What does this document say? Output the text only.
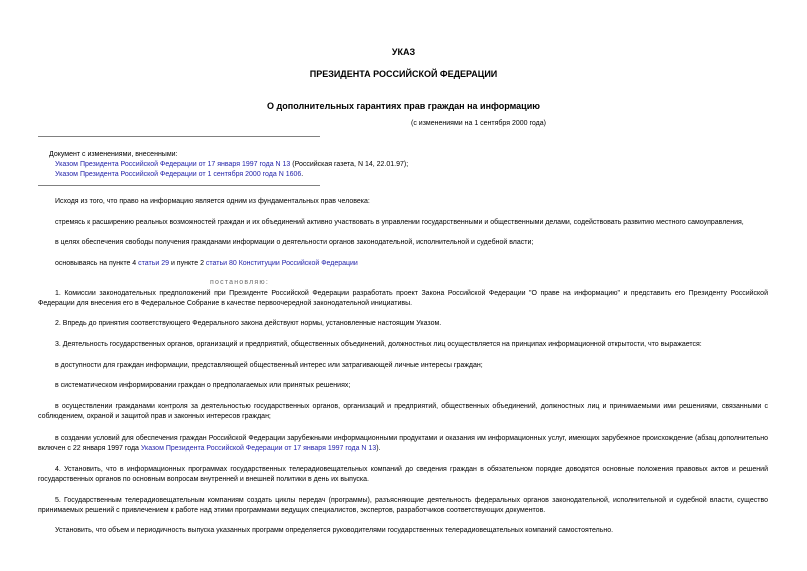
УКАЗ
ПРЕЗИДЕНТА РОССИЙСКОЙ ФЕДЕРАЦИИ
О дополнительных гарантиях прав граждан на информацию
(с изменениями на 1 сентября 2000 года)
Документ с изменениями, внесенными:
Указом Президента Российской Федерации от 17 января 1997 года N 13 (Российская газета, N 14, 22.01.97);
Указом Президента Российской Федерации от 1 сентября 2000 года N 1606.
Исходя из того, что право на информацию является одним из фундаментальных прав человека:
стремясь к расширению реальных возможностей граждан и их объединений активно участвовать в управлении государственными и общественными делами, содействовать развитию местного самоуправления,
в целях обеспечения свободы получения гражданами информации о деятельности органов законодательной, исполнительной и судебной власти;
основываясь на пункте 4 статьи 29 и пункте 2 статьи 80 Конституции Российской Федерации
постановляю:
1. Комиссии законодательных предположений при Президенте Российской Федерации разработать проект Закона Российской Федерации "О праве на информацию" и представить его Президенту Российской Федерации для внесения его в Федеральное Собрание в качестве первоочередной законодательной инициативы.
2. Впредь до принятия соответствующего Федерального закона действуют нормы, установленные настоящим Указом.
3. Деятельность государственных органов, организаций и предприятий, общественных объединений, должностных лиц осуществляется на принципах информационной открытости, что выражается:
в доступности для граждан информации, представляющей общественный интерес или затрагивающей личные интересы граждан;
в систематическом информировании граждан о предполагаемых или принятых решениях;
в осуществлении гражданами контроля за деятельностью государственных органов, организаций и предприятий, общественных объединений, должностных лиц и принимаемыми ими решениями, связанными с соблюдением, охраной и защитой прав и законных интересов граждан;
в создании условий для обеспечения граждан Российской Федерации зарубежными информационными продуктами и оказания им информационных услуг, имеющих зарубежное происхождение (абзац дополнительно включен с 22 января 1997 года Указом Президента Российской Федерации от 17 января 1997 года N 13).
4. Установить, что в информационных программах государственных телерадиовещательных компаний до сведения граждан в обязательном порядке доводятся основные положения правовых актов и решений государственных органов по основным вопросам внутренней и внешней политики в день их выпуска.
5. Государственным телерадиовещательным компаниям создать циклы передач (программы), разъясняющие деятельность федеральных органов законодательной, исполнительной и судебной власти, существо принимаемых решений с привлечением к работе над этими программами ведущих специалистов, экспертов, разработчиков соответствующих документов.
Установить, что объем и периодичность выпуска указанных программ определяется руководителями государственных телерадиовещательных компаний самостоятельно.
